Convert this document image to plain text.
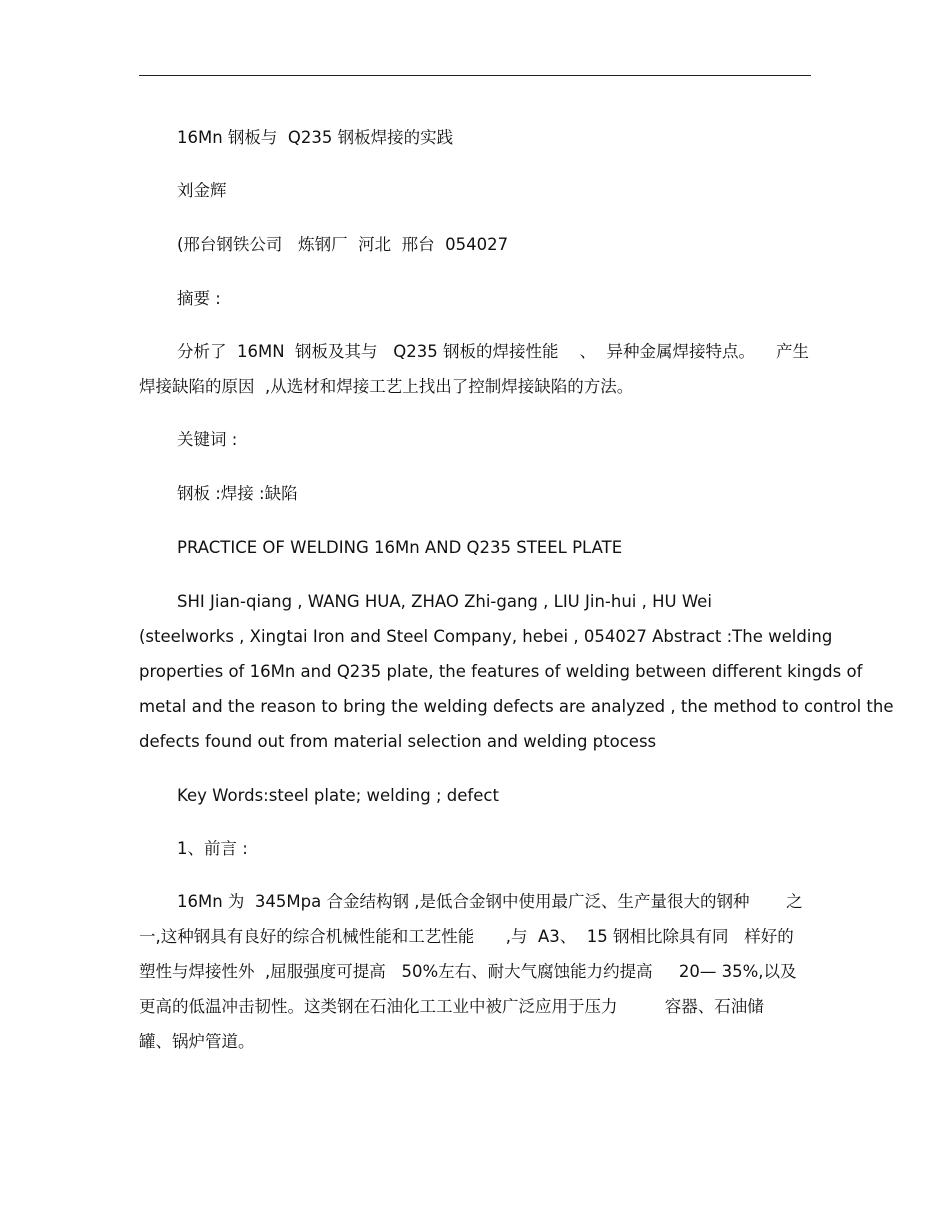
16Mn 钢板与  Q235 钢板焊接的实践
刘金辉
(邢台钢铁公司   炼钢厂  河北  邢台  054027
摘要 :
分析了  16MN  钢板及其与   Q235 钢板的焊接性能    、  异种金属焊接特点。    产生
焊接缺陷的原因  ,从选材和焊接工艺上找出了控制焊接缺陷的方法。
关键词 :
钢板 :焊接 :缺陷
PRACTICE OF WELDING 16Mn AND Q235 STEEL PLATE
SHI Jian-qiang , WANG HUA, ZHAO Zhi-gang , LIU Jin-hui , HU Wei
(steelworks , Xingtai Iron and Steel Company, hebei , 054027 Abstract :The welding
properties of 16Mn and Q235 plate, the features of welding between different kingds of
metal and the reason to bring the welding defects are analyzed , the method to control the
defects found out from material selection and welding ptocess
Key Words:steel plate; welding ; defect
1、前言 :
16Mn 为  345Mpa 合金结构钢 ,是低合金钢中使用最广泛、生产量很大的钢种       之
一,这种钢具有良好的综合机械性能和工艺性能      ,与  A3、  15 钢相比除具有同   样好的
塑性与焊接性外  ,屈服强度可提高   50%左右、耐大气腐蚀能力约提高     20— 35%,以及
更高的低温冲击韧性。这类钢在石油化工工业中被广泛应用于压力         容器、石油储
罐、锅炉管道。
